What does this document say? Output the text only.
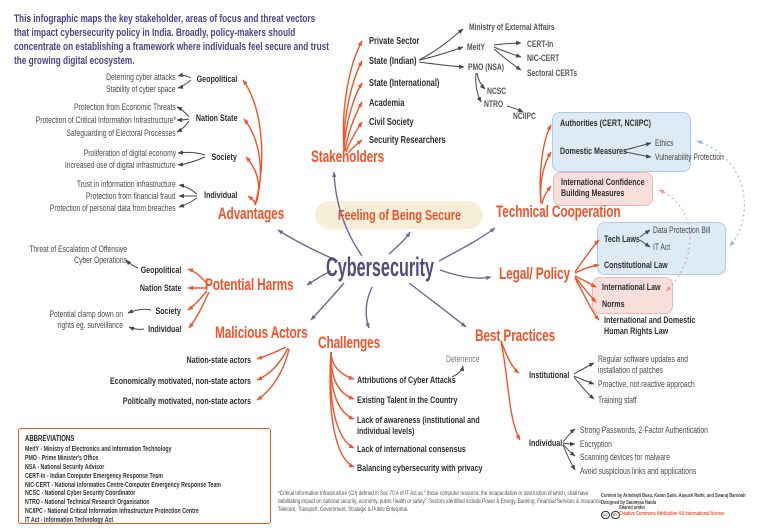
Feeling of Being Secure
This infographic maps the key stakeholder, areas of focus and threat vectors that impact cybersecurity policy in India. Broadly, policy-makers should concentrate on establishing a framework where individuals feel secure and trust the growing digital ecosystem.
Cybersecurity
Stakeholders
Advantages
Potential Harms
Malicious Actors
Challenges	Best Practices
Legal/ Policy
Technical Cooperation
Private Sector
State (Indian)
State (International)
Academia
Civil Society
Security Researchers
Ministry of External Affairs
MeitY	CERT-In
NIC-CERT
PMO (NSA)
Sectoral CERTs
NCSC
NTRO
NCIIPC
Geopolitical
Nation State
Society
Individual
Deterring cyber attacks
Stability of cyber space
Protection from Economic Threats
Protection of Critical Information Infrastructure*
Safeguarding of Electoral Processes
Proliferation of digital economy
Increased use of digital infrastructure
Trust in information infrastructure
Protection from financial fraud
Protection of personal data from breaches
Geopolitical
Nation State
Society
Individual
Threat of Escalation of Offensive Cyber Operations
Potential clamp down on rights eg. surveillance
Nation-state actors
Economically motivated, non-state actors
Politically motivated, non-state actors
Attributions of Cyber Attacks
Existing Talent in the Country
Lack of awareness (institutional and individual levels)
Lack of international consensus
Balancing cybersecurity with privacy
Deterrence
Institutional
Regular software updates and installation of patches
Proactive, not reactive approach
Training staff
Individual
Strong Passwords, 2-Factor Authentication
Encryption
Scanning devices for malware
Avoid suspicious links and applications
Authorities (CERT, NCIIPC)
Domestic Measures
Ethics
Vulnerability Protection
International Confidence Building Measures
Tech Laws
Data Protection Bill
IT Act
Constitutional Law
International Law
Norms
International and Domestic Human Rights Law
ABBREVIATIONS
MeitY - Ministry of Electronics and Information Technology
PMO - Prime Minister's Office
NSA - National Security Advisor
CERT-In - Indian Computer Emergency Response Team
NIC-CERT - National Informatics Centre-Computer Emergency Response Team
NCSC - National Cyber Security Coordinator
NTRO - National Technical Research Organisation
NCIIPC - National Critical Information Infrastructure Protection Centre
IT Act - Information Technology Act
*Critical Information Infrastructure (CII) defined in Sec 70 A of IT Act as " those computer resource, the incapacitation or destruction of which, shall have debilitating impact on national security, economy, public health or safety". Sectors identified include Power & Energy, Banking, Financial Services & Insurance, Telecom, Transport, Government, Strategic & Public Enterprise.
Content by Arindrajit Basu, Karan Saini, Aayush Rathi, and Swaraj Barooah
Designed by Saumyaa Naidu
CC BY
Shared under
Creative Commons Attribution 4.0 International license
